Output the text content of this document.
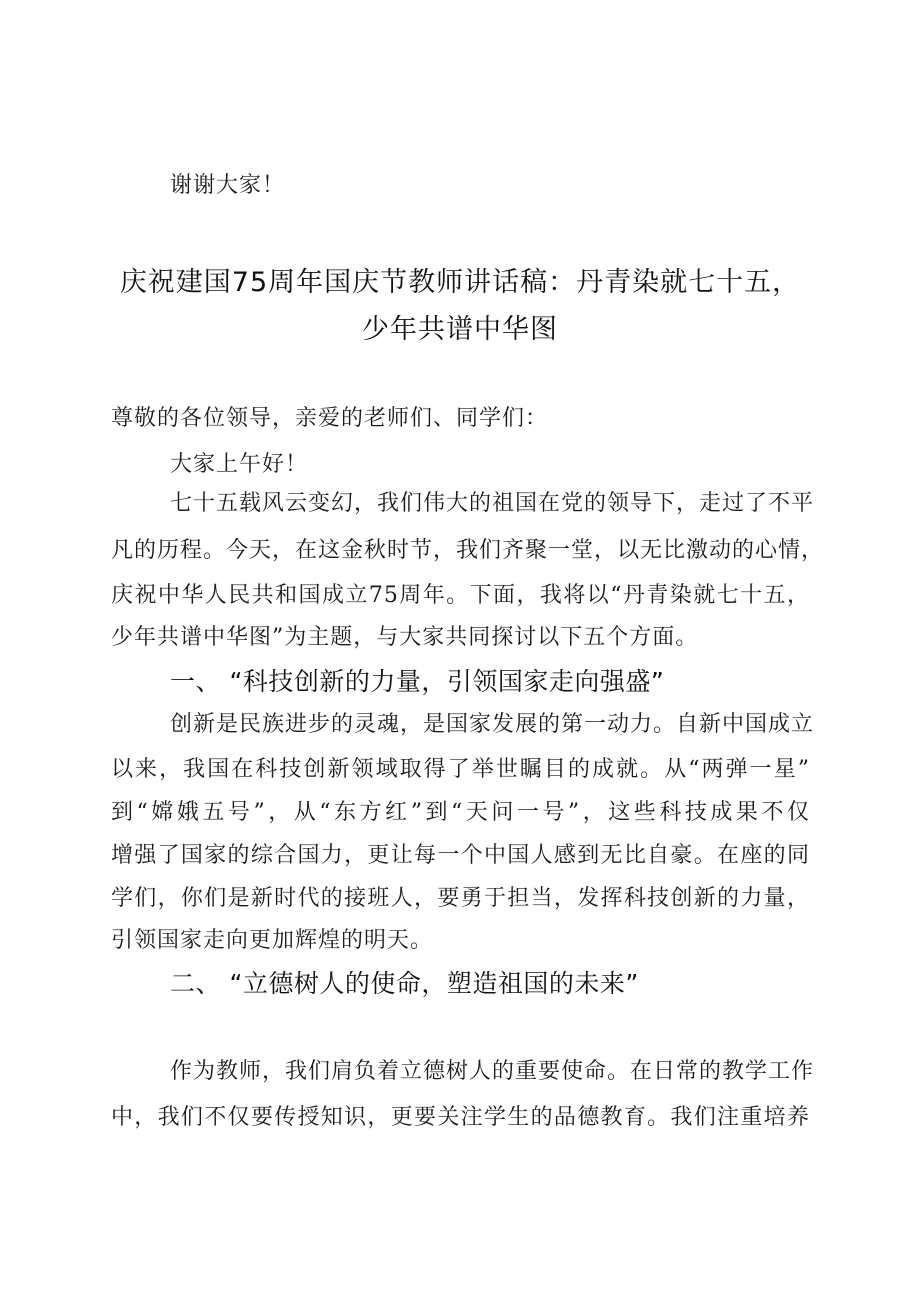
谢谢大家！
庆祝建国75周年国庆节教师讲话稿：丹青染就七十五，
少年共谱中华图
尊敬的各位领导，亲爱的老师们、同学们：
大家上午好！
七十五载风云变幻，我们伟大的祖国在党的领导下，走过了不平
凡的历程。今天，在这金秋时节，我们齐聚一堂，以无比激动的心情，
庆祝中华人民共和国成立75周年。下面，我将以“丹青染就七十五，
少年共谱中华图”为主题，与大家共同探讨以下五个方面。
一、 “科技创新的力量，引领国家走向强盛”
创新是民族进步的灵魂，是国家发展的第一动力。自新中国成立
以来，我国在科技创新领域取得了举世瞩目的成就。从“两弹一星”
到“嫦娥五号”，从“东方红”到“天问一号”，这些科技成果不仅
增强了国家的综合国力，更让每一个中国人感到无比自豪。在座的同
学们，你们是新时代的接班人，要勇于担当，发挥科技创新的力量，
引领国家走向更加辉煌的明天。
二、 “立德树人的使命，塑造祖国的未来”
作为教师，我们肩负着立德树人的重要使命。在日常的教学工作
中，我们不仅要传授知识，更要关注学生的品德教育。我们注重培养
